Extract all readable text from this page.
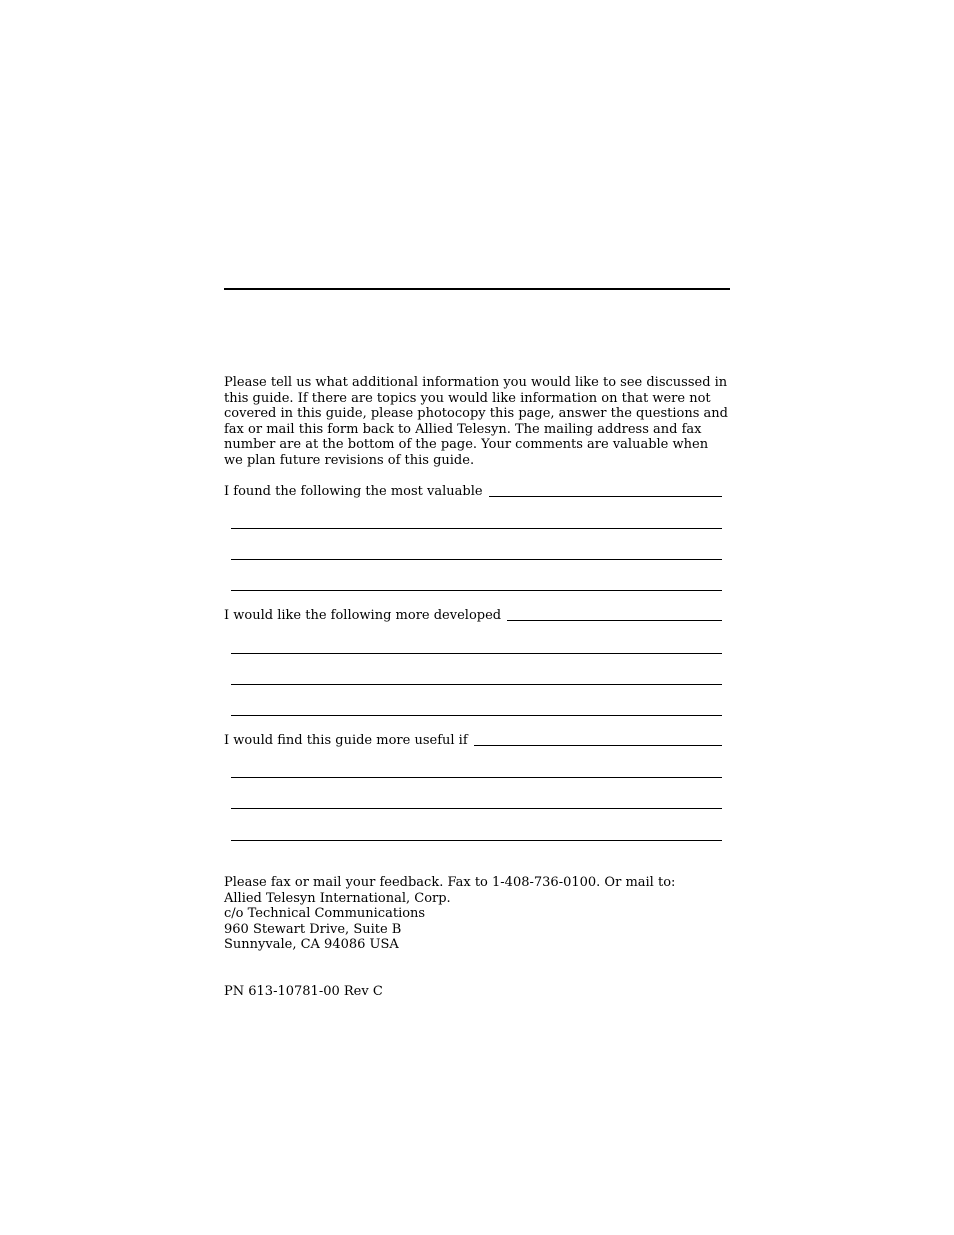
Please tell us what additional information you would like to see discussed in this guide. If there are topics you would like information on that were not covered in this guide, please photocopy this page, answer the questions and fax or mail this form back to Allied Telesyn. The mailing address and fax number are at the bottom of the page. Your comments are valuable when we plan future revisions of this guide.

I found the following the most valuable
I would like the following more developed
I would find this guide more useful if
Please fax or mail your feedback. Fax to 1-408-736-0100. Or mail to:
Allied Telesyn International, Corp.
c/o Technical Communications
960 Stewart Drive, Suite B
Sunnyvale, CA 94086 USA
PN 613-10781-00 Rev C
